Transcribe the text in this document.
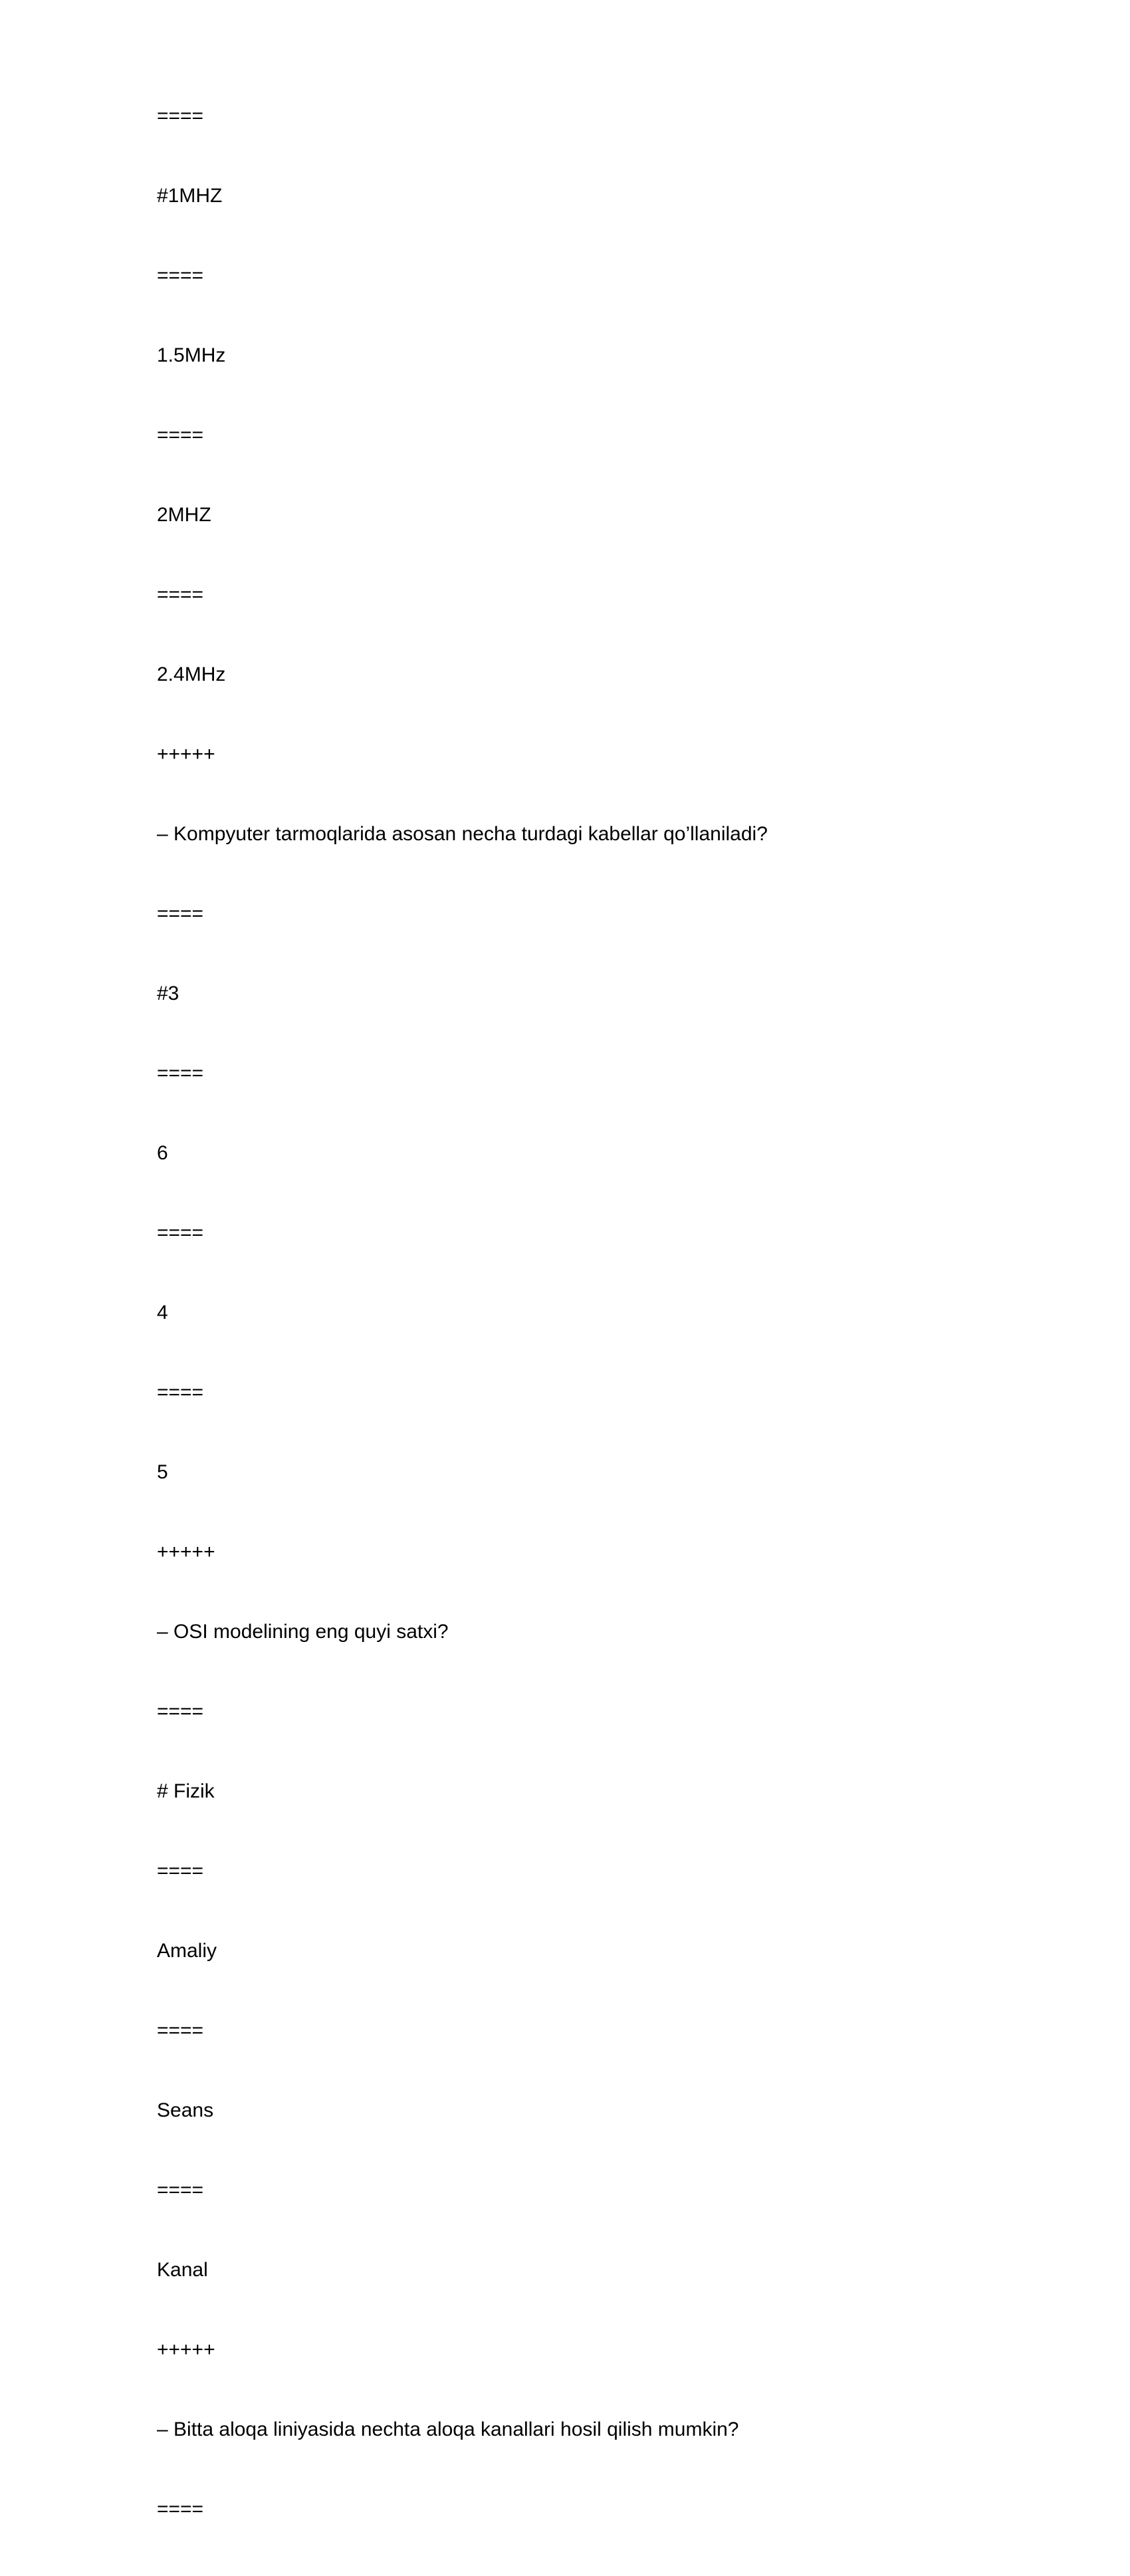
====
#1MHZ
====
1.5MHz
====
2MHZ
====
2.4MHz
+++++
– Kompyuter tarmoqlarida asosan necha turdagi kabellar qo’llaniladi?
====
#3
====
6
====
4
====
5
+++++
– OSI modelining eng quyi satxi?
====
# Fizik
====
Amaliy
====
Seans
====
Kanal
+++++
– Bitta aloqa liniyasida nechta aloqa kanallari hosil qilish mumkin?
====
